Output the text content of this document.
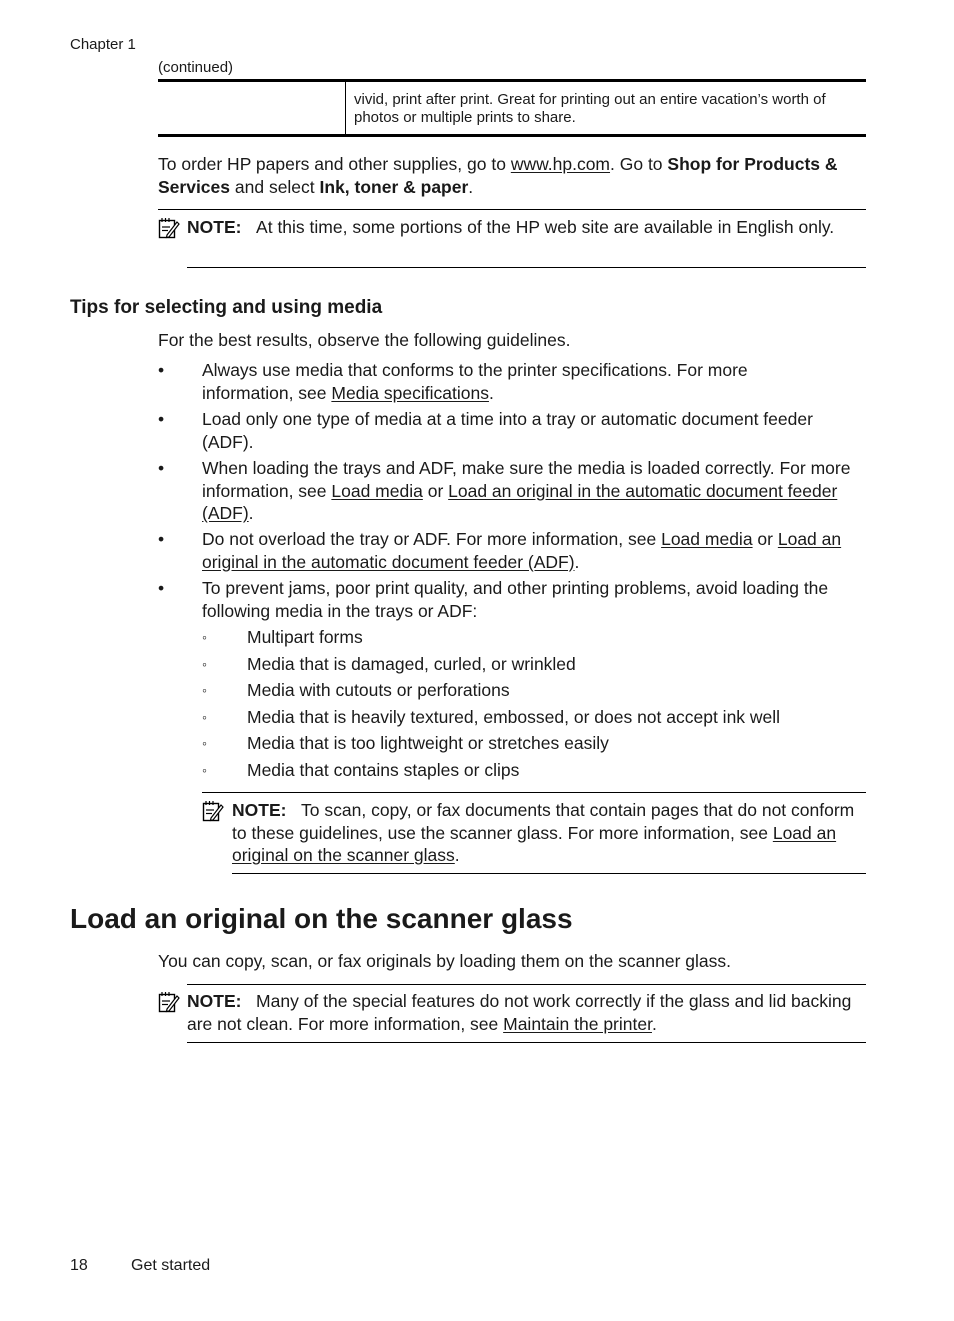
Chapter 1
(continued)
vivid, print after print. Great for printing out an entire vacation’s worth of photos or multiple prints to share.
To order HP papers and other supplies, go to www.hp.com. Go to Shop for Products & Services and select Ink, toner & paper.
NOTE: At this time, some portions of the HP web site are available in English only.
Tips for selecting and using media
For the best results, observe the following guidelines.
• Always use media that conforms to the printer specifications. For more information, see Media specifications.
• Load only one type of media at a time into a tray or automatic document feeder (ADF).
• When loading the trays and ADF, make sure the media is loaded correctly. For more information, see Load media or Load an original in the automatic document feeder (ADF).
• Do not overload the tray or ADF. For more information, see Load media or Load an original in the automatic document feeder (ADF).
• To prevent jams, poor print quality, and other printing problems, avoid loading the following media in the trays or ADF:
◦ Multipart forms
◦ Media that is damaged, curled, or wrinkled
◦ Media with cutouts or perforations
◦ Media that is heavily textured, embossed, or does not accept ink well
◦ Media that is too lightweight or stretches easily
◦ Media that contains staples or clips
NOTE: To scan, copy, or fax documents that contain pages that do not conform to these guidelines, use the scanner glass. For more information, see Load an original on the scanner glass.
Load an original on the scanner glass
You can copy, scan, or fax originals by loading them on the scanner glass.
NOTE: Many of the special features do not work correctly if the glass and lid backing are not clean. For more information, see Maintain the printer.
18	Get started
